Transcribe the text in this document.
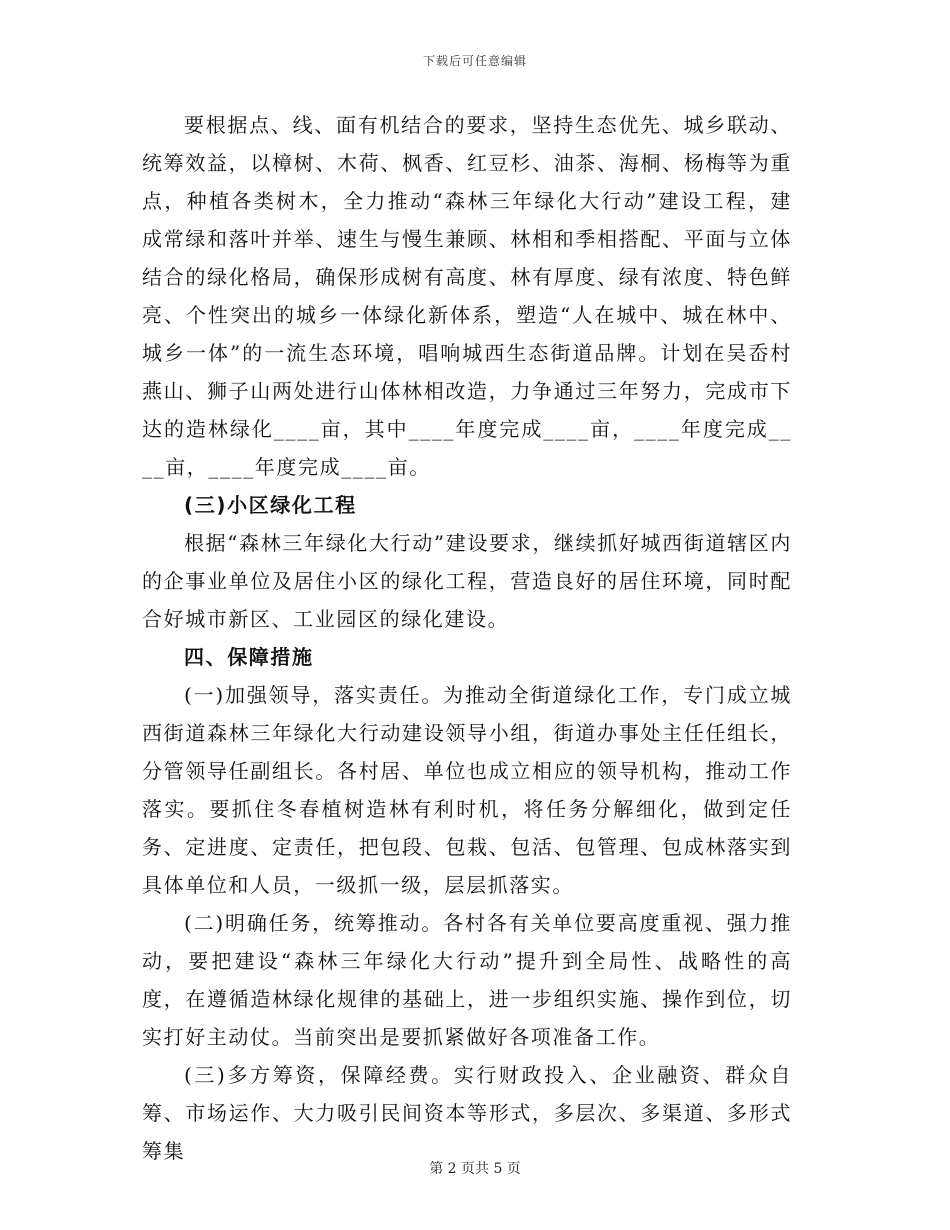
下载后可任意编辑

要根据点、线、面有机结合的要求，坚持生态优先、城乡联动、统筹效益，以樟树、木荷、枫香、红豆杉、油茶、海桐、杨梅等为重点，种植各类树木，全力推动“森林三年绿化大行动”建设工程，建成常绿和落叶并举、速生与慢生兼顾、林相和季相搭配、平面与立体结合的绿化格局，确保形成树有高度、林有厚度、绿有浓度、特色鲜亮、个性突出的城乡一体绿化新体系，塑造“人在城中、城在林中、城乡一体”的一流生态环境，唱响城西生态街道品牌。计划在吴岙村燕山、狮子山两处进行山体林相改造，力争通过三年努力，完成市下达的造林绿化____亩，其中____年度完成____亩，____年度完成____亩，____年度完成____亩。

(三)小区绿化工程

根据“森林三年绿化大行动”建设要求，继续抓好城西街道辖区内的企事业单位及居住小区的绿化工程，营造良好的居住环境，同时配合好城市新区、工业园区的绿化建设。

四、保障措施

(一)加强领导，落实责任。为推动全街道绿化工作，专门成立城西街道森林三年绿化大行动建设领导小组，街道办事处主任任组长，分管领导任副组长。各村居、单位也成立相应的领导机构，推动工作落实。要抓住冬春植树造林有利时机，将任务分解细化，做到定任务、定进度、定责任，把包段、包栽、包活、包管理、包成林落实到具体单位和人员，一级抓一级，层层抓落实。

(二)明确任务，统筹推动。各村各有关单位要高度重视、强力推动，要把建设“森林三年绿化大行动”提升到全局性、战略性的高度，在遵循造林绿化规律的基础上，进一步组织实施、操作到位，切实打好主动仗。当前突出是要抓紧做好各项准备工作。

(三)多方筹资，保障经费。实行财政投入、企业融资、群众自筹、市场运作、大力吸引民间资本等形式，多层次、多渠道、多形式筹集

第 2 页共 5 页
